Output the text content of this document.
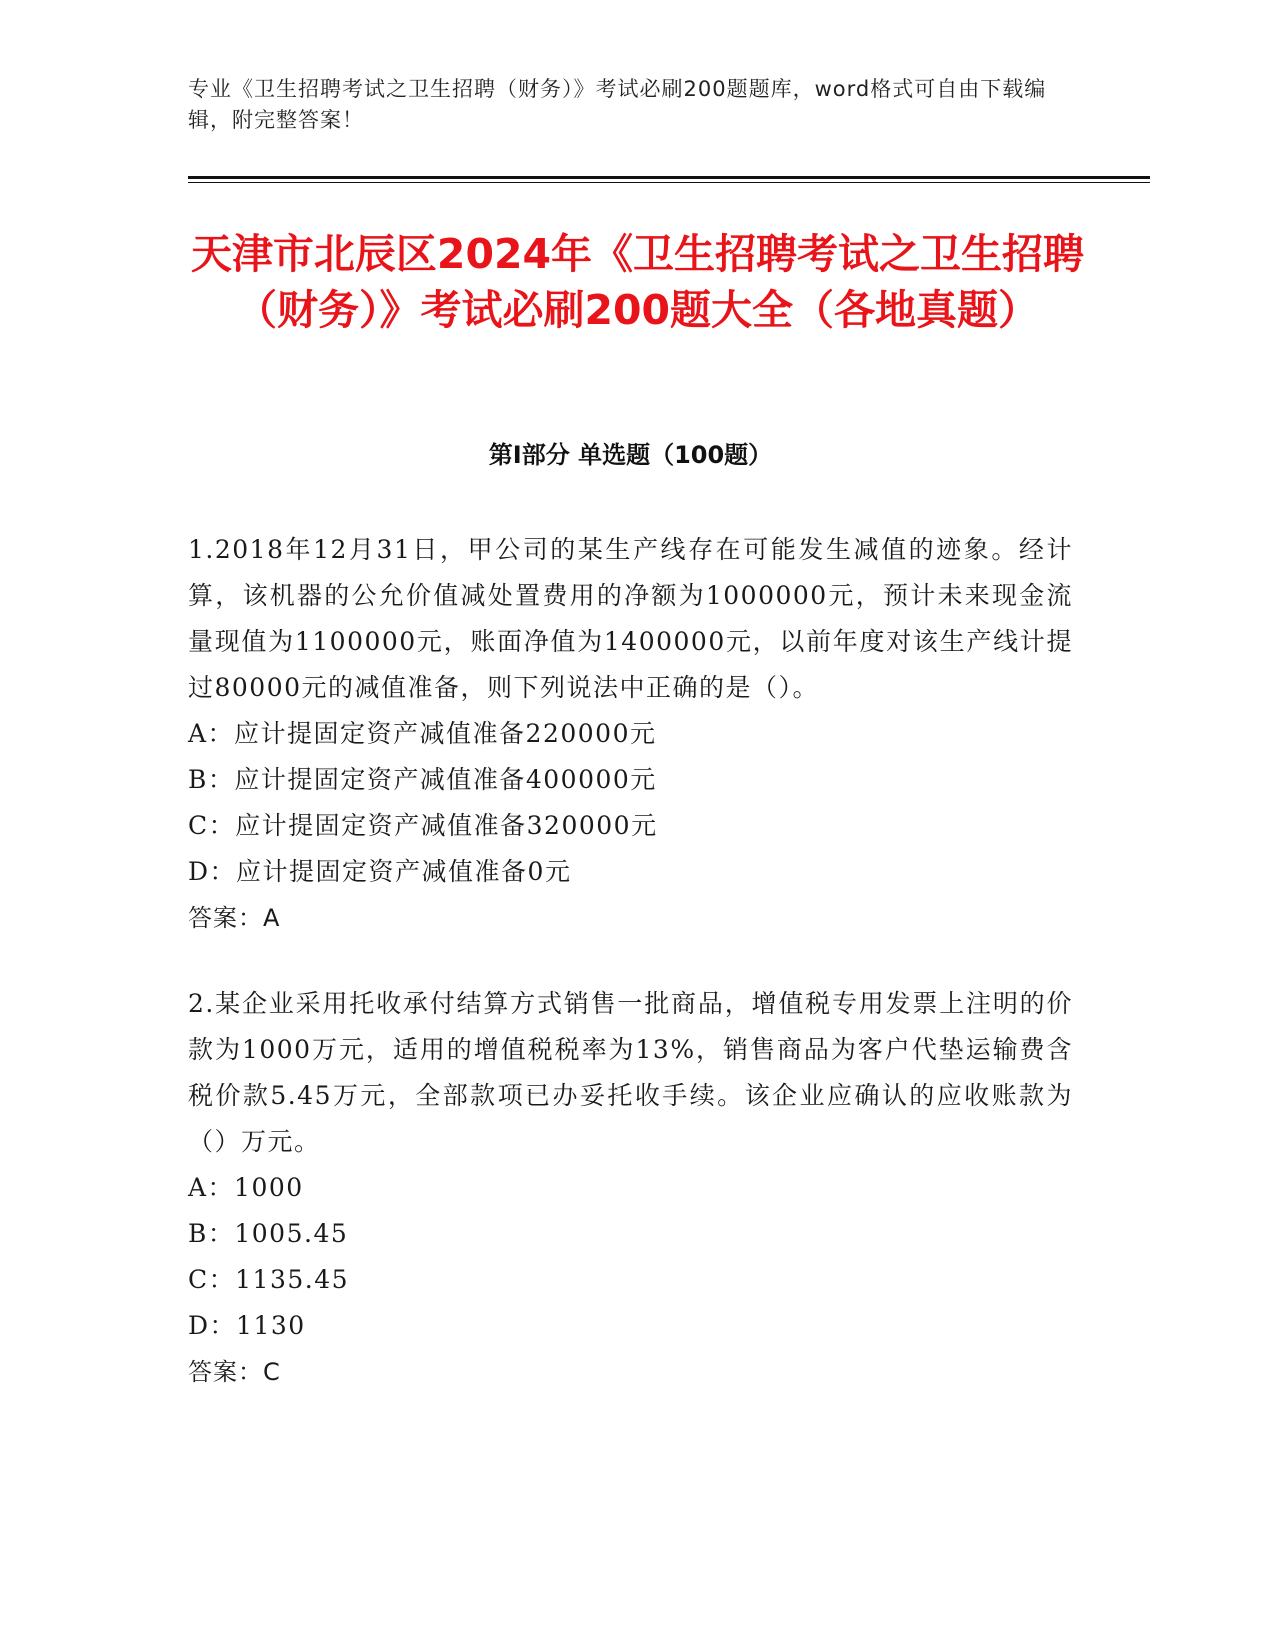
专业《卫生招聘考试之卫生招聘（财务）》考试必刷200题题库，word格式可自由下载编辑，附完整答案！
天津市北辰区2024年《卫生招聘考试之卫生招聘（财务）》考试必刷200题大全（各地真题）
第I部分 单选题（100题）
1.2018年12月31日，甲公司的某生产线存在可能发生减值的迹象。经计算，该机器的公允价值减处置费用的净额为1000000元，预计未来现金流量现值为1100000元，账面净值为1400000元，以前年度对该生产线计提过80000元的减值准备，则下列说法中正确的是（）。
A：应计提固定资产减值准备220000元
B：应计提固定资产减值准备400000元
C：应计提固定资产减值准备320000元
D：应计提固定资产减值准备0元
答案：A
2.某企业采用托收承付结算方式销售一批商品，增值税专用发票上注明的价款为1000万元，适用的增值税税率为13%，销售商品为客户代垫运输费含税价款5.45万元，全部款项已办妥托收手续。该企业应确认的应收账款为（）万元。
A：1000
B：1005.45
C：1135.45
D：1130
答案：C
